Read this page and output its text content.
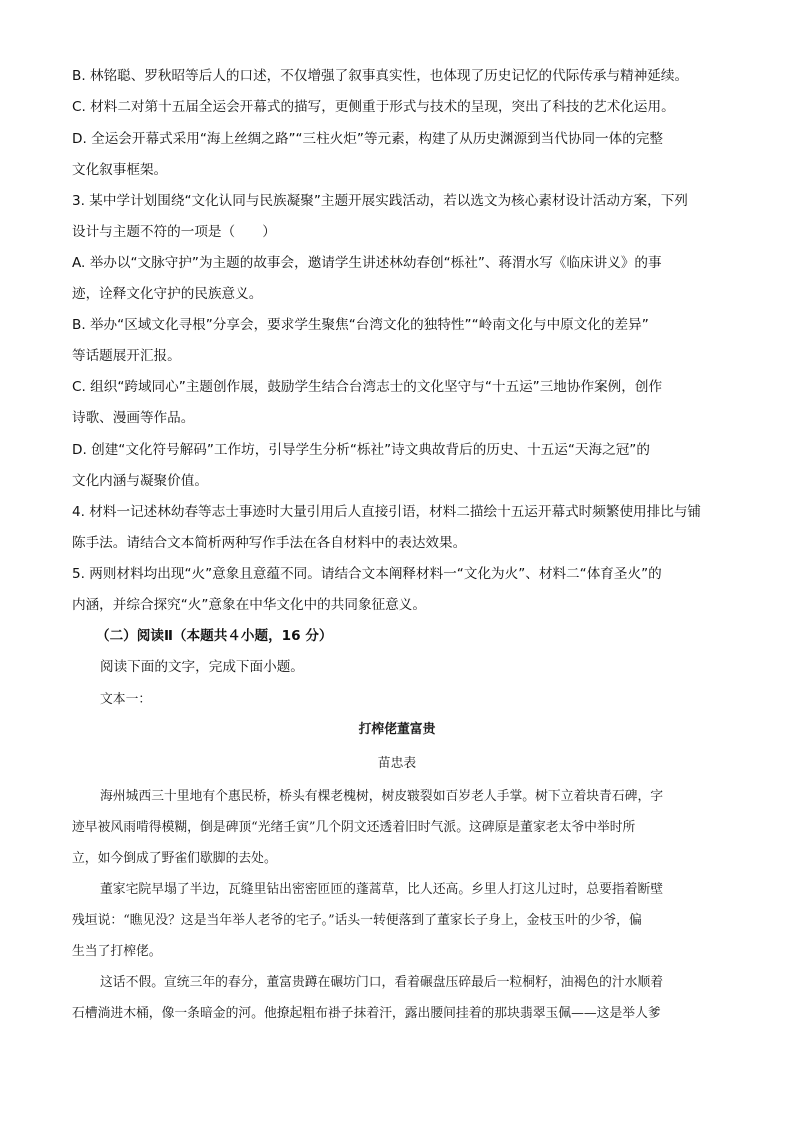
B. 林铭聪、罗秋昭等后人的口述，不仅增强了叙事真实性，也体现了历史记忆的代际传承与精神延续。
C. 材料二对第十五届全运会开幕式的描写，更侧重于形式与技术的呈现，突出了科技的艺术化运用。
D. 全运会开幕式采用“海上丝绸之路”“三柱火炬”等元素，构建了从历史渊源到当代协同一体的完整
文化叙事框架。
3. 某中学计划围绕“文化认同与民族凝聚”主题开展实践活动，若以选文为核心素材设计活动方案，下列
设计与主题不符的一项是（　　）
A. 举办以“文脉守护”为主题的故事会，邀请学生讲述林幼春创“栎社”、蒋渭水写《临床讲义》的事
迹，诠释文化守护的民族意义。
B. 举办“区域文化寻根”分享会，要求学生聚焦“台湾文化的独特性”“岭南文化与中原文化的差异”
等话题展开汇报。
C. 组织“跨域同心”主题创作展，鼓励学生结合台湾志士的文化坚守与“十五运”三地协作案例，创作
诗歌、漫画等作品。
D. 创建“文化符号解码”工作坊，引导学生分析“栎社”诗文典故背后的历史、十五运“天海之冠”的
文化内涵与凝聚价值。
4. 材料一记述林幼春等志士事迹时大量引用后人直接引语，材料二描绘十五运开幕式时频繁使用排比与铺
陈手法。请结合文本简析两种写作手法在各自材料中的表达效果。
5. 两则材料均出现“火”意象且意蕴不同。请结合文本阐释材料一“文化为火”、材料二“体育圣火”的
内涵，并综合探究“火”意象在中华文化中的共同象征意义。
（二）阅读Ⅱ（本题共４小题，16 分）
阅读下面的文字，完成下面小题。
文本一：
打榨佬董富贵
苗忠表
海州城西三十里地有个惠民桥，桥头有棵老槐树，树皮皲裂如百岁老人手掌。树下立着块青石碑，字
迹早被风雨啃得模糊，倒是碑顶“光绪壬寅”几个阴文还透着旧时气派。这碑原是董家老太爷中举时所
立，如今倒成了野雀们歇脚的去处。
董家宅院早塌了半边，瓦缝里钻出密密匝匝的蓬蒿草，比人还高。乡里人打这儿过时，总要指着断壁
残垣说：“瞧见没？这是当年举人老爷的宅子。”话头一转便落到了董家长子身上，金枝玉叶的少爷，偏
生当了打榨佬。
这话不假。宣统三年的春分，董富贵蹲在碾坊门口，看着碾盘压碎最后一粒桐籽，油褐色的汁水顺着
石槽淌进木桶，像一条暗金的河。他撩起粗布褂子抹着汗，露出腰间挂着的那块翡翠玉佩——这是举人爹
